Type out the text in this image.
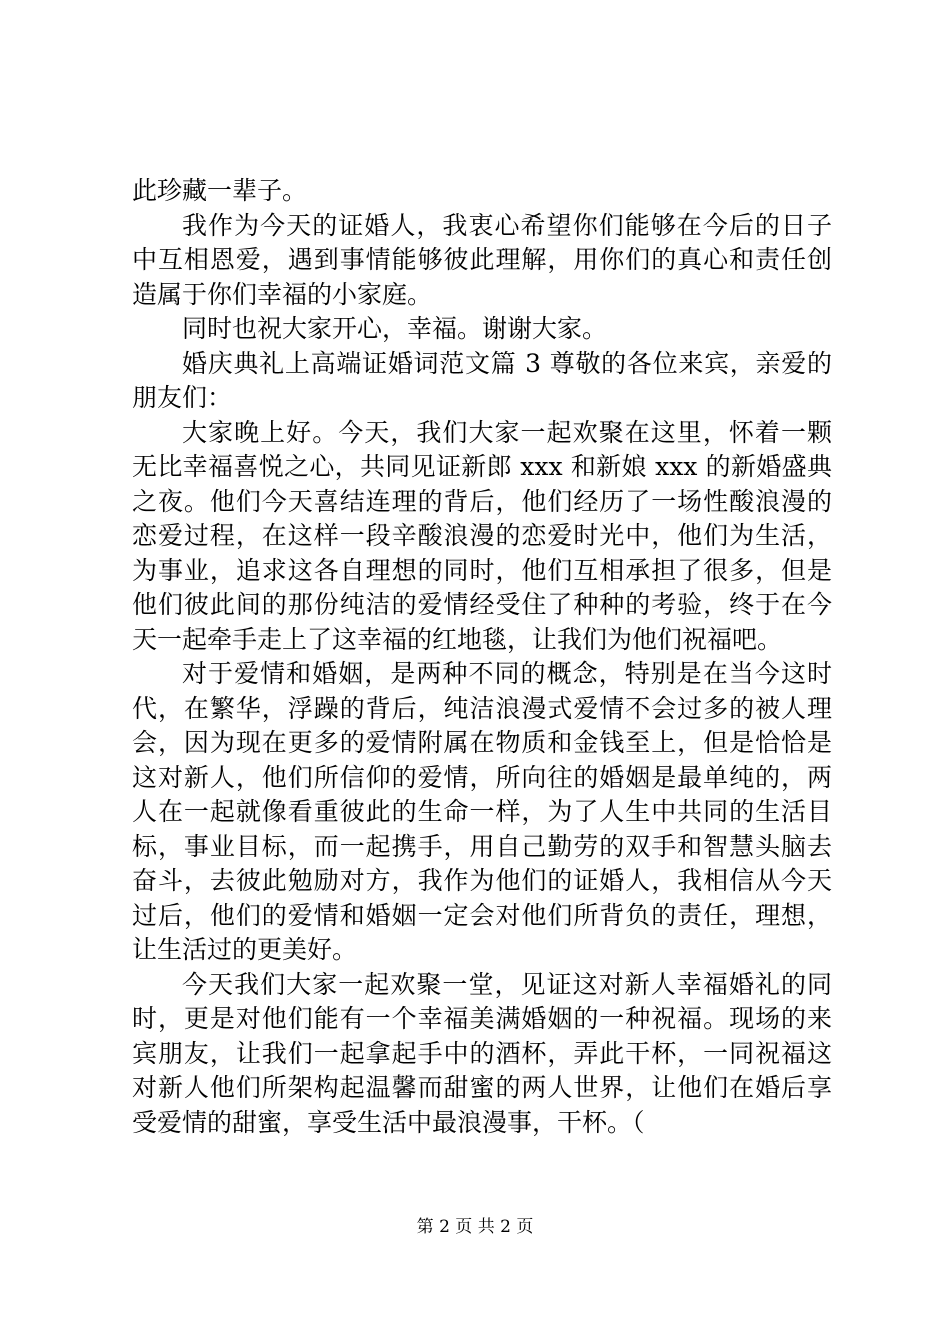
此珍藏一辈子。
我作为今天的证婚人，我衷心希望你们能够在今后的日子
中互相恩爱，遇到事情能够彼此理解，用你们的真心和责任创
造属于你们幸福的小家庭。
同时也祝大家开心，幸福。谢谢大家。
婚庆典礼上高端证婚词范文篇 3 尊敬的各位来宾，亲爱的
朋友们：
大家晚上好。今天，我们大家一起欢聚在这里，怀着一颗
无比幸福喜悦之心，共同见证新郎 xxx 和新娘 xxx 的新婚盛典
之夜。他们今天喜结连理的背后，他们经历了一场性酸浪漫的
恋爱过程，在这样一段辛酸浪漫的恋爱时光中，他们为生活，
为事业，追求这各自理想的同时，他们互相承担了很多，但是
他们彼此间的那份纯洁的爱情经受住了种种的考验，终于在今
天一起牵手走上了这幸福的红地毯，让我们为他们祝福吧。
对于爱情和婚姻，是两种不同的概念，特别是在当今这时
代，在繁华，浮躁的背后，纯洁浪漫式爱情不会过多的被人理
会，因为现在更多的爱情附属在物质和金钱至上，但是恰恰是
这对新人，他们所信仰的爱情，所向往的婚姻是最单纯的，两
人在一起就像看重彼此的生命一样，为了人生中共同的生活目
标，事业目标，而一起携手，用自己勤劳的双手和智慧头脑去
奋斗，去彼此勉励对方，我作为他们的证婚人，我相信从今天
过后，他们的爱情和婚姻一定会对他们所背负的责任，理想，
让生活过的更美好。
今天我们大家一起欢聚一堂，见证这对新人幸福婚礼的同
时，更是对他们能有一个幸福美满婚姻的一种祝福。现场的来
宾朋友，让我们一起拿起手中的酒杯，弄此干杯，一同祝福这
对新人他们所架构起温馨而甜蜜的两人世界，让他们在婚后享
受爱情的甜蜜，享受生活中最浪漫事，干杯。（
第 2 页 共 2 页
